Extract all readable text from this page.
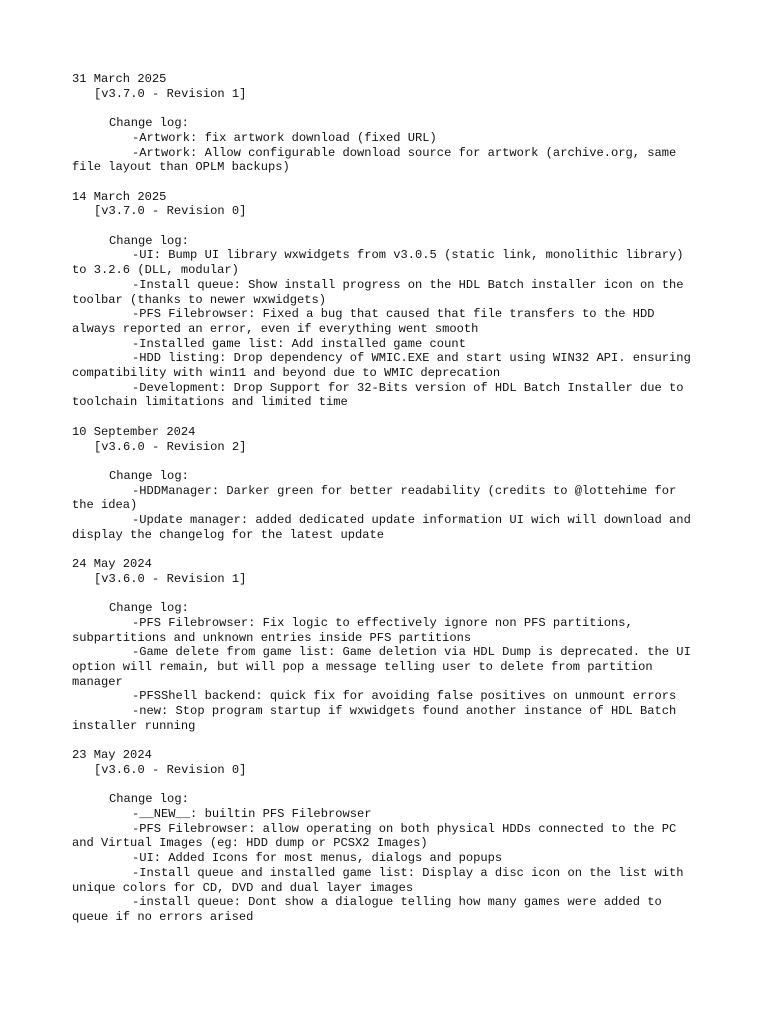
31 March 2025
[v3.7.0 - Revision 1]
Change log:
-Artwork: fix artwork download (fixed URL)
-Artwork: Allow configurable download source for artwork (archive.org, same file layout than OPLM backups)
14 March 2025
[v3.7.0 - Revision 0]
Change log:
-UI: Bump UI library wxwidgets from v3.0.5 (static link, monolithic library) to 3.2.6 (DLL, modular)
-Install queue: Show install progress on the HDL Batch installer icon on the toolbar (thanks to newer wxwidgets)
-PFS Filebrowser: Fixed a bug that caused that file transfers to the HDD always reported an error, even if everything went smooth
-Installed game list: Add installed game count
-HDD listing: Drop dependency of WMIC.EXE and start using WIN32 API. ensuring compatibility with win11 and beyond due to WMIC deprecation
-Development: Drop Support for 32-Bits version of HDL Batch Installer due to toolchain limitations and limited time
10 September 2024
[v3.6.0 - Revision 2]
Change log:
-HDDManager: Darker green for better readability (credits to @lottehime for the idea)
-Update manager: added dedicated update information UI wich will download and display the changelog for the latest update
24 May 2024
[v3.6.0 - Revision 1]
Change log:
-PFS Filebrowser: Fix logic to effectively ignore non PFS partitions, subpartitions and unknown entries inside PFS partitions
-Game delete from game list: Game deletion via HDL Dump is deprecated. the UI option will remain, but will pop a message telling user to delete from partition manager
-PFSShell backend: quick fix for avoiding false positives on unmount errors
-new: Stop program startup if wxwidgets found another instance of HDL Batch installer running
23 May 2024
[v3.6.0 - Revision 0]
Change log:
-__NEW__: builtin PFS Filebrowser
-PFS Filebrowser: allow operating on both physical HDDs connected to the PC and Virtual Images (eg: HDD dump or PCSX2 Images)
-UI: Added Icons for most menus, dialogs and popups
-Install queue and installed game list: Display a disc icon on the list with unique colors for CD, DVD and dual layer images
-install queue: Dont show a dialogue telling how many games were added to queue if no errors arised
